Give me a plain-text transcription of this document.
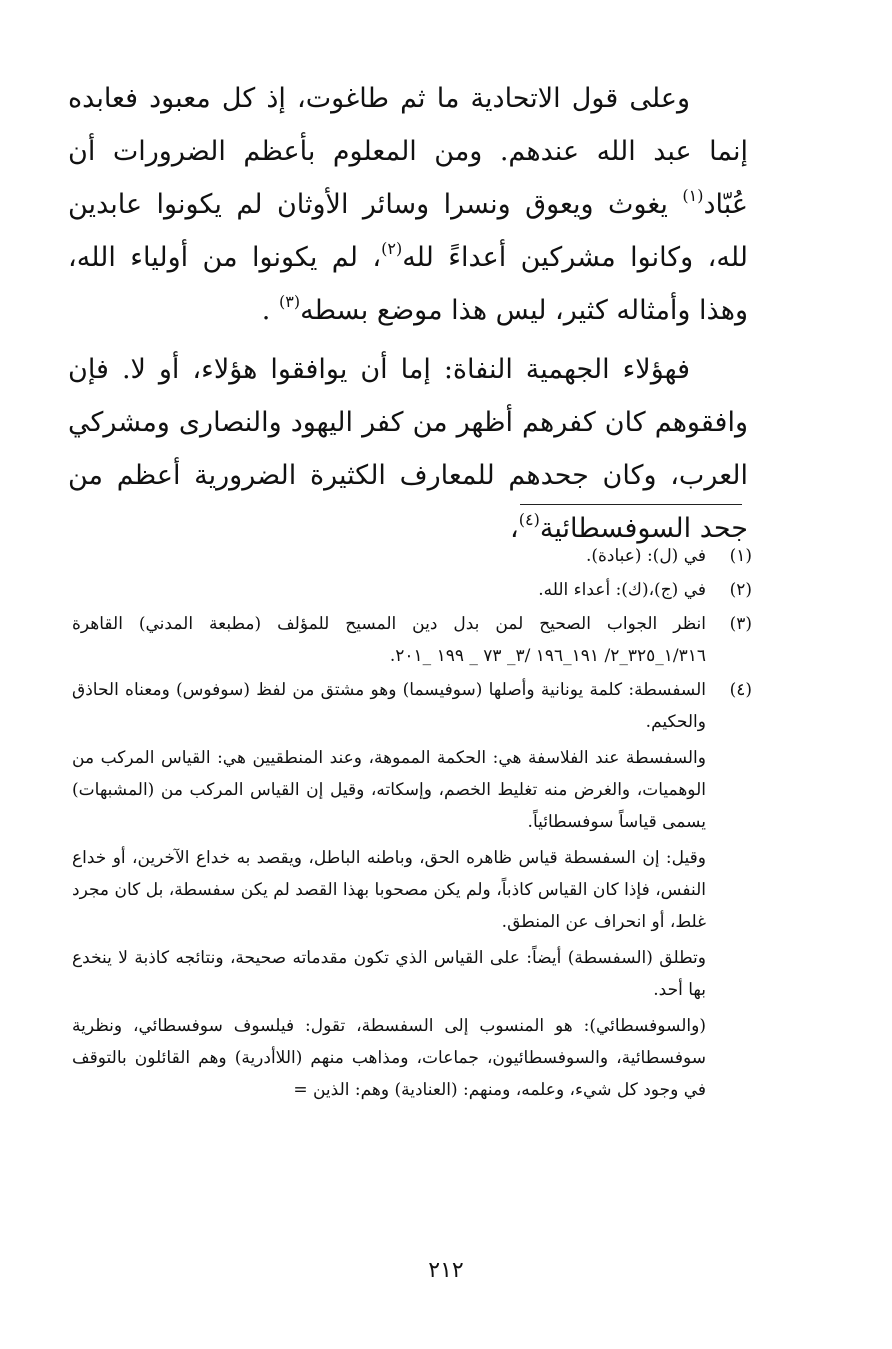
وعلى قول الاتحادية ما ثم طاغوت، إذ كل معبود فعابده إنما عبد الله عندهم. ومن المعلوم بأعظم الضرورات أن عُبّاد$^{(١)}$ يغوث ويعوق ونسرا وسائر الأوثان لم يكونوا عابدين لله، وكانوا مشركين أعداءً لله$^{(٢)}$، لم يكونوا من أولياء الله، وهذا وأمثاله كثير، ليس هذا موضع بسطه$^{(٣)}$ .

فهؤلاء الجهمية النفاة: إما أن يوافقوا هؤلاء، أو لا. فإن وافقوهم كان كفرهم أظهر من كفر اليهود والنصارى ومشركي العرب، وكان جحدهم للمعارف الكثيرة الضرورية أعظم من جحد السوفسطائية$^{(٤)}$،

(١)

في (ل): (عبادة).

(٢)

في (ج)،(ك): أعداء الله.

(٣)

انظر الجواب الصحيح لمن بدل دين المسيح للمؤلف (مطبعة المدني) القاهرة ١/٣١٦_٣٢٥_٢/ ١٩١_١٩٦ /٣_ ٧٣ _ ١٩٩ _٢٠١.

(٤)

السفسطة: كلمة يونانية وأصلها (سوفيسما) وهو مشتق من لفظ (سوفوس) ومعناه الحاذق والحكيم.

والسفسطة عند الفلاسفة هي: الحكمة المموهة، وعند المنطقيين هي: القياس المركب من الوهميات، والغرض منه تغليط الخصم، وإسكاته، وقيل إن القياس المركب من (المشبهات) يسمى قياساً سوفسطائياً.

وقيل: إن السفسطة قياس ظاهره الحق، وباطنه الباطل، ويقصد به خداع الآخرين، أو خداع النفس، فإذا كان القياس كاذباً، ولم يكن مصحوبا بهذا القصد لم يكن سفسطة، بل كان مجرد غلط، أو انحراف عن المنطق.

وتطلق (السفسطة) أيضاً: على القياس الذي تكون مقدماته صحيحة، ونتائجه كاذبة لا ينخدع بها أحد.

(والسوفسطائي): هو المنسوب إلى السفسطة، تقول: فيلسوف سوفسطائي، ونظرية سوفسطائية، والسوفسطائيون، جماعات، ومذاهب منهم (اللاأدرية) وهم القائلون بالتوقف في وجود كل شيء، وعلمه، ومنهم: (العنادية) وهم: الذين =

٢١٢
